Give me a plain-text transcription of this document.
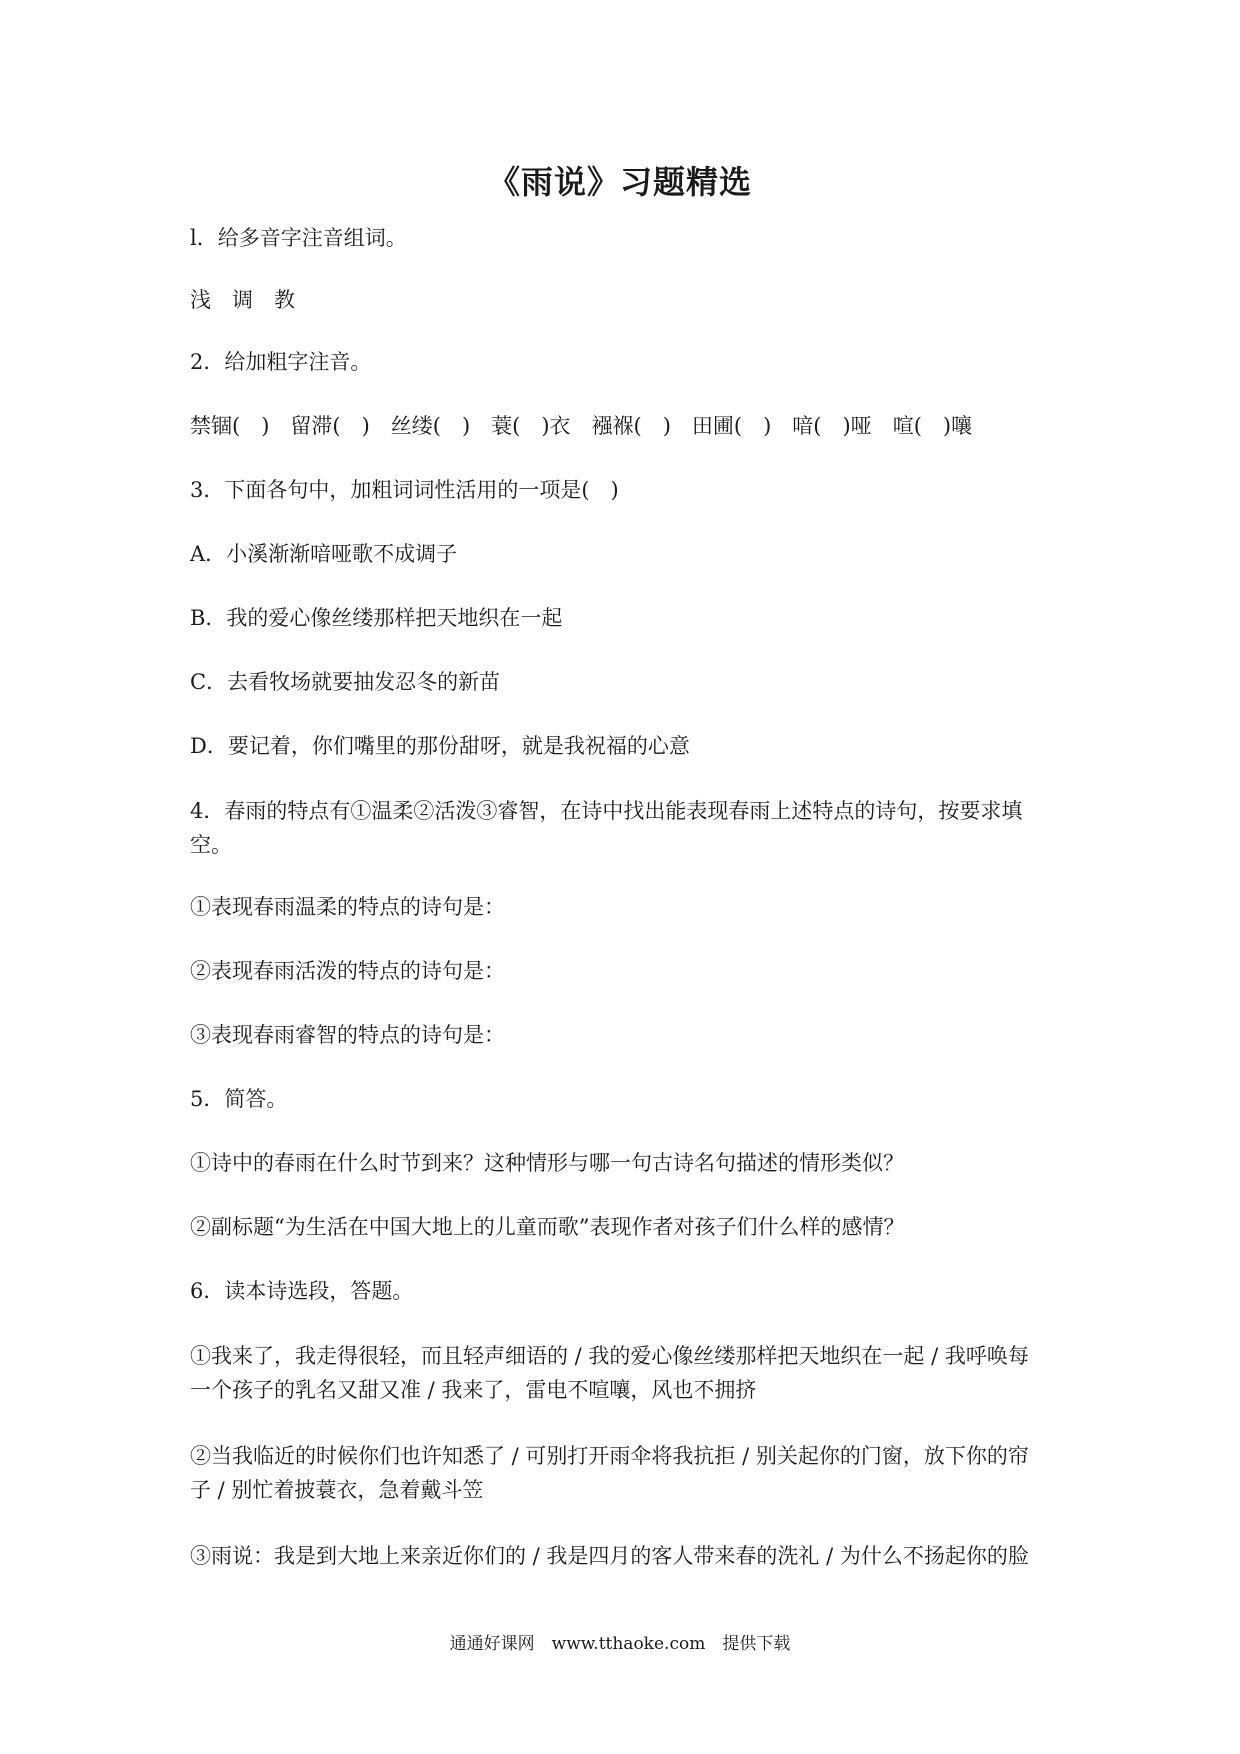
《雨说》习题精选
l．给多音字注音组词。
浅　调　教
2．给加粗字注音。
禁锢(　)　留滞(　)　丝缕(　)　蓑(　)衣　襁褓(　)　田圃(　)　喑(　)哑　喧(　)嚷
3．下面各句中，加粗词词性活用的一项是(　)
A．小溪渐渐喑哑歌不成调子
B．我的爱心像丝缕那样把天地织在一起
C．去看牧场就要抽发忍冬的新苗
D．要记着，你们嘴里的那份甜呀，就是我祝福的心意
4．春雨的特点有①温柔②活泼③睿智，在诗中找出能表现春雨上述特点的诗句，按要求填
空。
①表现春雨温柔的特点的诗句是：
②表现春雨活泼的特点的诗句是：
③表现春雨睿智的特点的诗句是：
5．简答。
①诗中的春雨在什么时节到来？这种情形与哪一句古诗名句描述的情形类似？
②副标题“为生活在中国大地上的儿童而歌”表现作者对孩子们什么样的感情？
6．读本诗选段，答题。
①我来了，我走得很轻，而且轻声细语的 / 我的爱心像丝缕那样把天地织在一起 / 我呼唤每
一个孩子的乳名又甜又准 / 我来了，雷电不喧嚷，风也不拥挤
②当我临近的时候你们也许知悉了 / 可别打开雨伞将我抗拒 / 别关起你的门窗，放下你的帘
子 / 别忙着披蓑衣，急着戴斗笠
③雨说：我是到大地上来亲近你们的 / 我是四月的客人带来春的洗礼 / 为什么不扬起你的脸
通通好课网　www.tthaoke.com　提供下载
